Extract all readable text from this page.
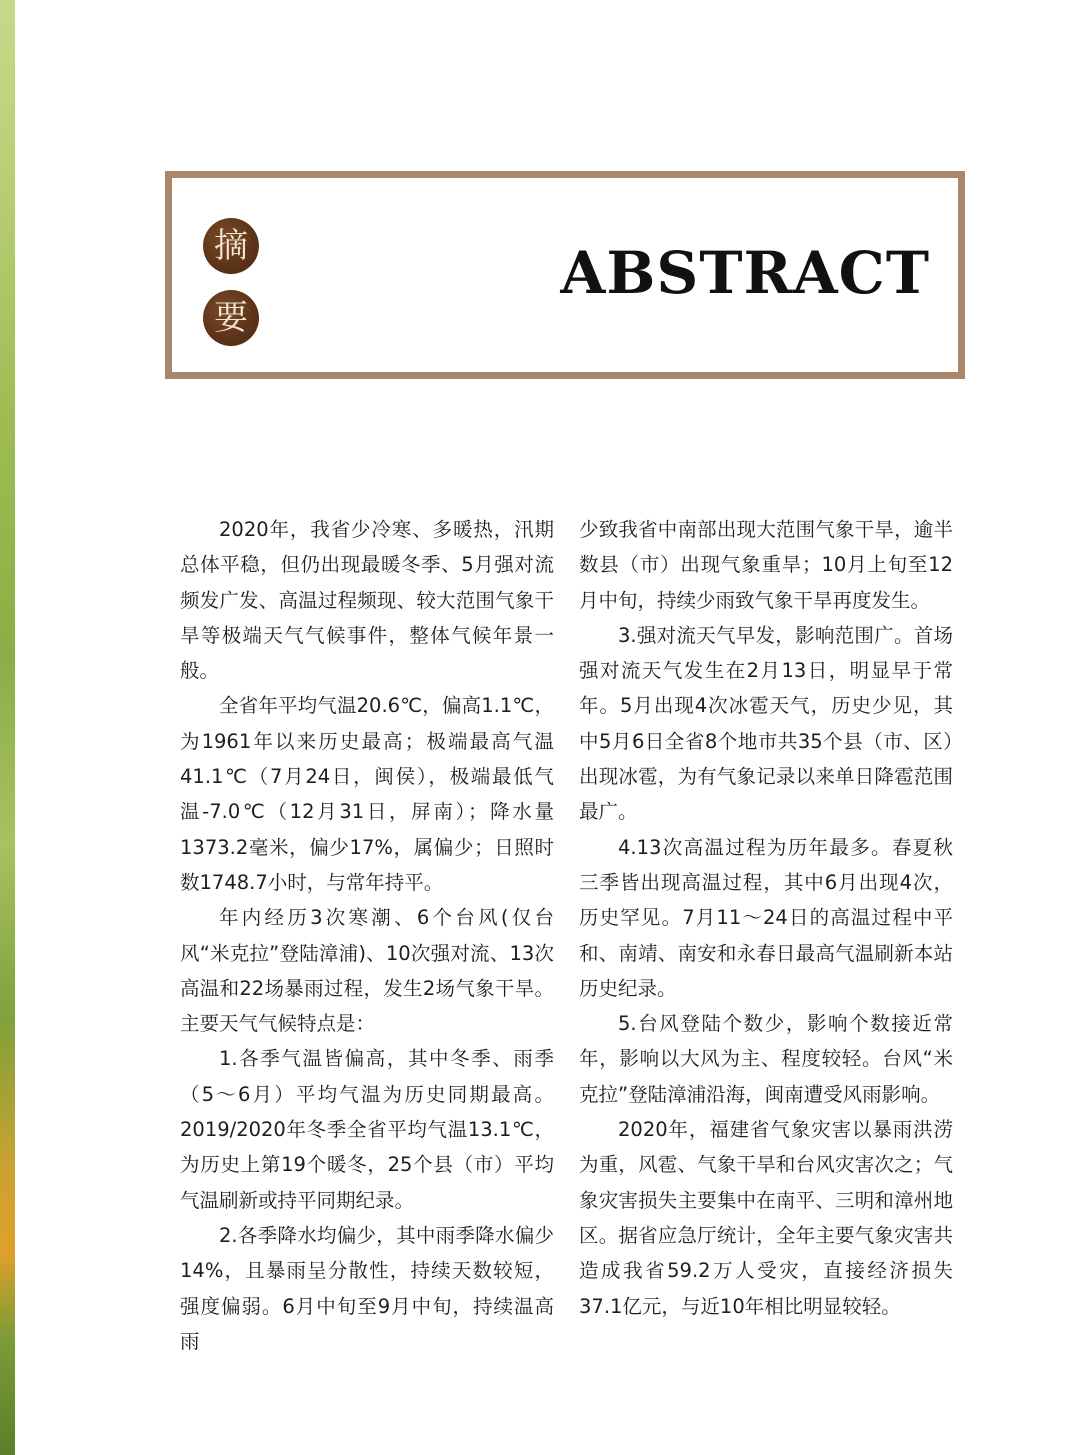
摘
要
ABSTRACT

2020年，我省少冷寒、多暖热，汛期总体平稳，但仍出现最暖冬季、5月强对流频发广发、高温过程频现、较大范围气象干旱等极端天气气候事件，整体气候年景一般。

全省年平均气温20.6℃，偏高1.1℃，为1961年以来历史最高；极端最高气温41.1℃（7月24日，闽侯），极端最低气温-7.0℃（12月31日，屏南）；降水量1373.2毫米，偏少17%，属偏少；日照时数1748.7小时，与常年持平。

年内经历3次寒潮、6个台风(仅台风“米克拉”登陆漳浦)、10次强对流、13次高温和22场暴雨过程，发生2场气象干旱。主要天气气候特点是：

1.各季气温皆偏高，其中冬季、雨季（5～6月）平均气温为历史同期最高。2019/2020年冬季全省平均气温13.1℃，为历史上第19个暖冬，25个县（市）平均气温刷新或持平同期纪录。

2.各季降水均偏少，其中雨季降水偏少14%，且暴雨呈分散性，持续天数较短，强度偏弱。6月中旬至9月中旬，持续温高雨

少致我省中南部出现大范围气象干旱，逾半数县（市）出现气象重旱；10月上旬至12月中旬，持续少雨致气象干旱再度发生。

3.强对流天气早发，影响范围广。首场强对流天气发生在2月13日，明显早于常年。5月出现4次冰雹天气，历史少见，其中5月6日全省8个地市共35个县（市、区）出现冰雹，为有气象记录以来单日降雹范围最广。

4.13次高温过程为历年最多。春夏秋三季皆出现高温过程，其中6月出现4次，历史罕见。7月11～24日的高温过程中平和、南靖、南安和永春日最高气温刷新本站历史纪录。

5.台风登陆个数少，影响个数接近常年，影响以大风为主、程度较轻。台风“米克拉”登陆漳浦沿海，闽南遭受风雨影响。

2020年，福建省气象灾害以暴雨洪涝为重，风雹、气象干旱和台风灾害次之；气象灾害损失主要集中在南平、三明和漳州地区。据省应急厅统计，全年主要气象灾害共造成我省59.2万人受灾，直接经济损失37.1亿元，与近10年相比明显较轻。
